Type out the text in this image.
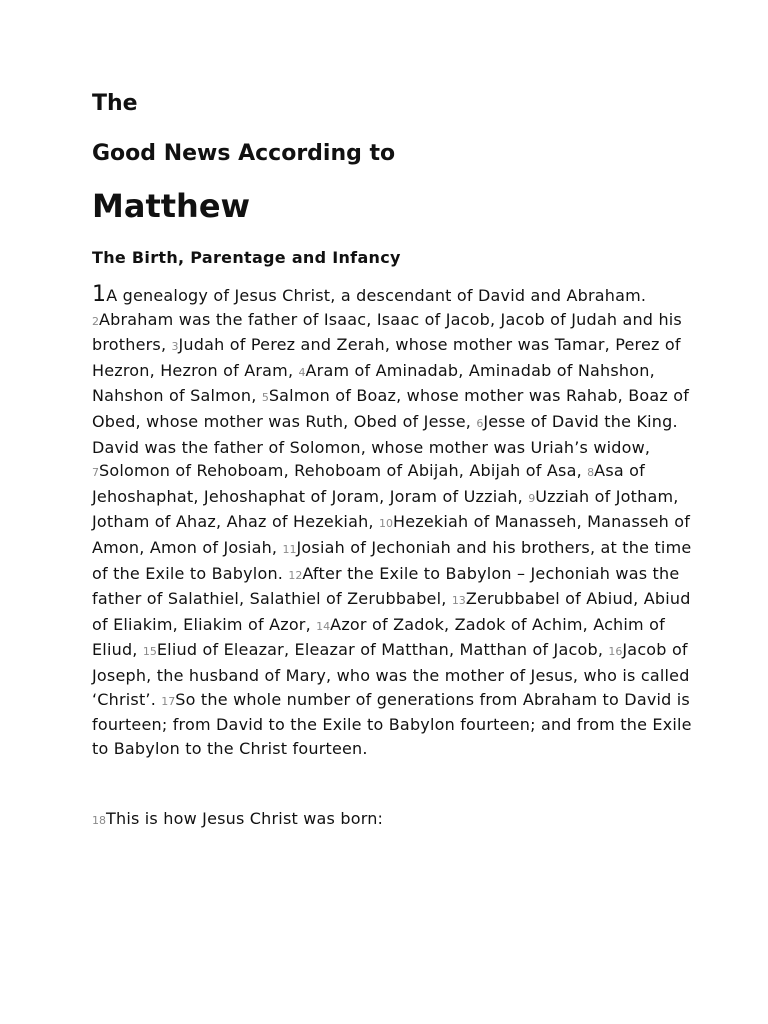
The
Good News According to
Matthew
The Birth, Parentage and Infancy

1A genealogy of Jesus Christ, a descendant of David and Abraham. 2Abraham was the father of Isaac, Isaac of Jacob, Jacob of Judah and his brothers, 3Judah of Perez and Zerah, whose mother was Tamar, Perez of Hezron, Hezron of Aram, 4Aram of Aminadab, Aminadab of Nahshon, Nahshon of Salmon, 5Salmon of Boaz, whose mother was Rahab, Boaz of Obed, whose mother was Ruth, Obed of Jesse, 6Jesse of David the King. David was the father of Solomon, whose mother was Uriah’s widow, 7Solomon of Rehoboam, Rehoboam of Abijah, Abijah of Asa, 8Asa of Jehoshaphat, Jehoshaphat of Joram, Joram of Uzziah, 9Uzziah of Jotham, Jotham of Ahaz, Ahaz of Hezekiah, 10Hezekiah of Manasseh, Manasseh of Amon, Amon of Josiah, 11Josiah of Jechoniah and his brothers, at the time of the Exile to Babylon. 12After the Exile to Babylon – Jechoniah was the father of Salathiel, Salathiel of Zerubbabel, 13Zerubbabel of Abiud, Abiud of Eliakim, Eliakim of Azor, 14Azor of Zadok, Zadok of Achim, Achim of Eliud, 15Eliud of Eleazar, Eleazar of Matthan, Matthan of Jacob, 16Jacob of Joseph, the husband of Mary, who was the mother of Jesus, who is called ‘Christ’. 17So the whole number of generations from Abraham to David is fourteen; from David to the Exile to Babylon fourteen; and from the Exile to Babylon to the Christ fourteen.

18This is how Jesus Christ was born:
